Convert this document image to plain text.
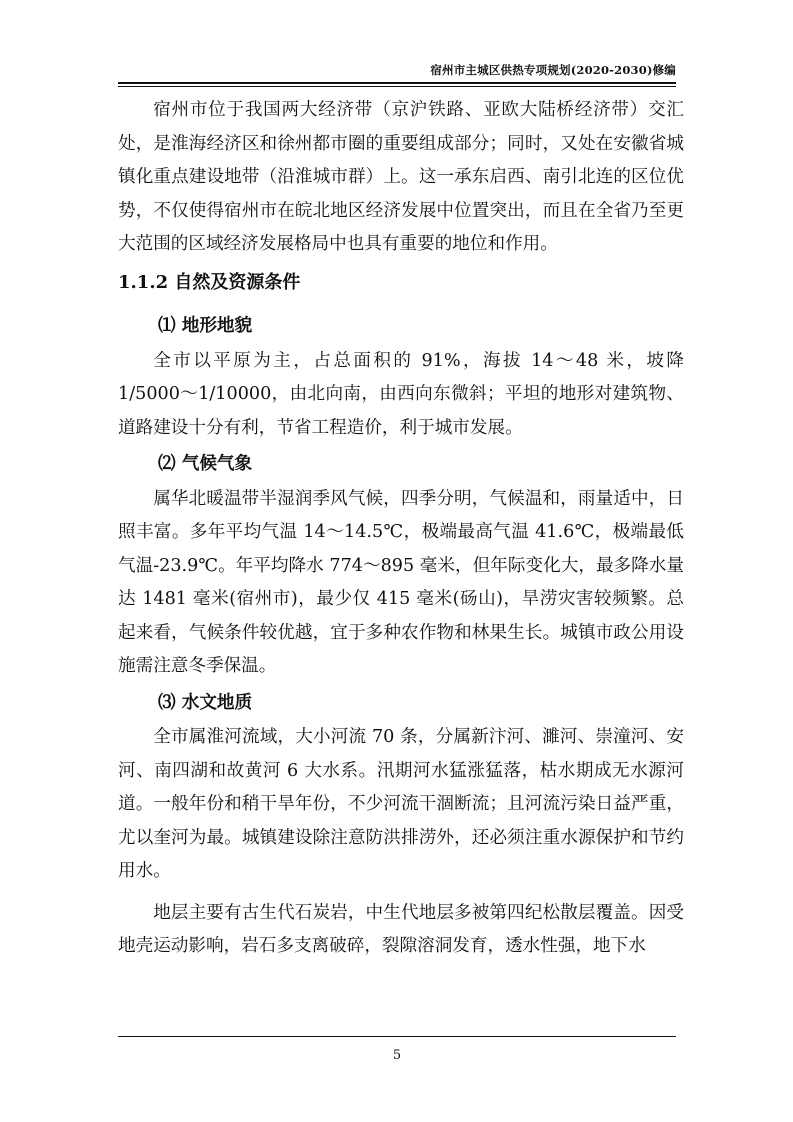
宿州市主城区供热专项规划(2020-2030)修编

宿州市位于我国两大经济带（京沪铁路、亚欧大陆桥经济带）交汇处，是淮海经济区和徐州都市圈的重要组成部分；同时，又处在安徽省城镇化重点建设地带（沿淮城市群）上。这一承东启西、南引北连的区位优势，不仅使得宿州市在皖北地区经济发展中位置突出，而且在全省乃至更大范围的区域经济发展格局中也具有重要的地位和作用。

1.1.2 自然及资源条件
⑴ 地形地貌

全市以平原为主，占总面积的 91%，海拔 14～48 米，坡降 1/5000～1/10000，由北向南，由西向东微斜；平坦的地形对建筑物、道路建设十分有利，节省工程造价，利于城市发展。

⑵ 气候气象

属华北暖温带半湿润季风气候，四季分明，气候温和，雨量适中，日照丰富。多年平均气温 14～14.5℃，极端最高气温 41.6℃，极端最低气温-23.9℃。年平均降水 774～895 毫米，但年际变化大，最多降水量达 1481 毫米(宿州市)，最少仅 415 毫米(砀山)，旱涝灾害较频繁。总起来看，气候条件较优越，宜于多种农作物和林果生长。城镇市政公用设施需注意冬季保温。

⑶ 水文地质

全市属淮河流域，大小河流 70 条，分属新汴河、濉河、崇潼河、安河、南四湖和故黄河 6 大水系。汛期河水猛涨猛落，枯水期成无水源河道。一般年份和稍干旱年份，不少河流干涸断流；且河流污染日益严重，尤以奎河为最。城镇建设除注意防洪排涝外，还必须注重水源保护和节约用水。

地层主要有古生代石炭岩，中生代地层多被第四纪松散层覆盖。因受地壳运动影响，岩石多支离破碎，裂隙溶洞发育，透水性强，地下水

5
